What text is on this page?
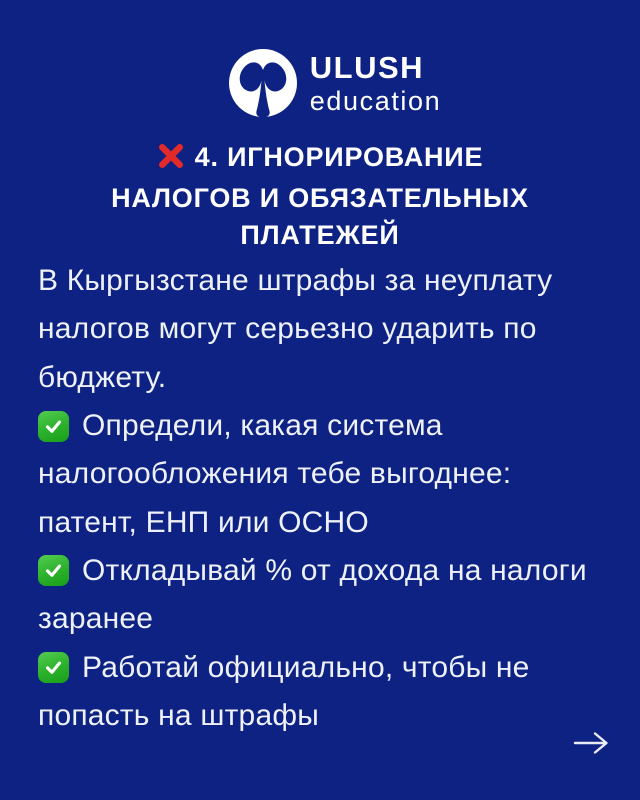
ULUSH
education
4. ИГНОРИРОВАНИЕ
НАЛОГОВ И ОБЯЗАТЕЛЬНЫХ
ПЛАТЕЖЕЙ
В Кыргызстане штрафы за неуплату
налогов могут серьезно ударить по
бюджету.
Определи, какая система
налогообложения тебе выгоднее:
патент, ЕНП или ОСНО
Откладывай % от дохода на налоги
заранее
Работай официально, чтобы не
попасть на штрафы
